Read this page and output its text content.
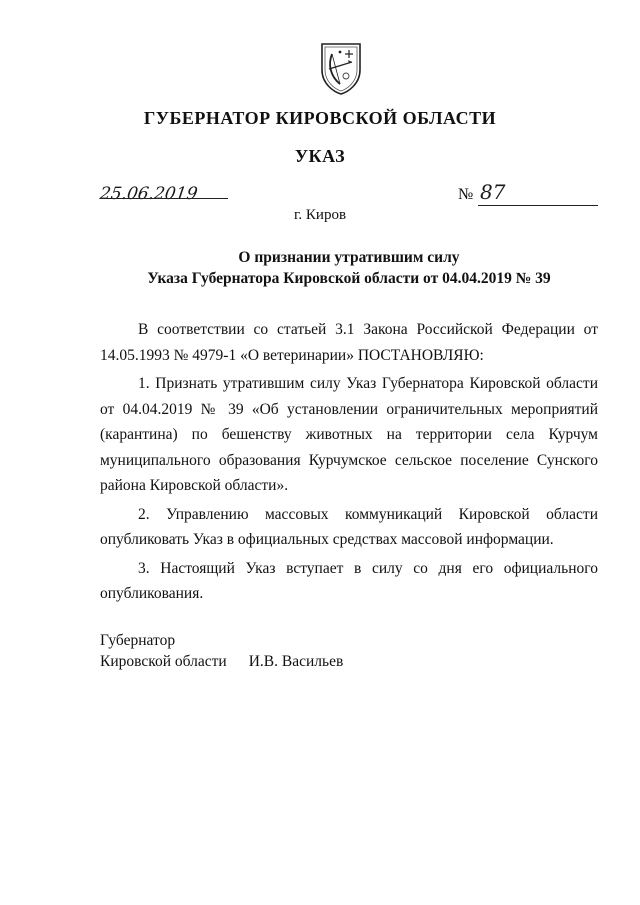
ГУБЕРНАТОР КИРОВСКОЙ ОБЛАСТИ
УКАЗ
25.06.2019	№ 87
г. Киров
О признании утратившим силу
Указа Губернатора Кировской области от 04.04.2019 № 39

В соответствии со статьей 3.1 Закона Российской Федерации от 14.05.1993 № 4979-1 «О ветеринарии» ПОСТАНОВЛЯЮ:

1. Признать утратившим силу Указ Губернатора Кировской области от 04.04.2019 № 39 «Об установлении ограничительных мероприятий (карантина) по бешенству животных на территории села Курчум муниципального образования Курчумское сельское поселение Сунского района Кировской области».

2. Управлению массовых коммуникаций Кировской области опубликовать Указ в официальных средствах массовой информации.

3. Настоящий Указ вступает в силу со дня его официального опубликования.

Губернатор
Кировской области И.В. Васильев
